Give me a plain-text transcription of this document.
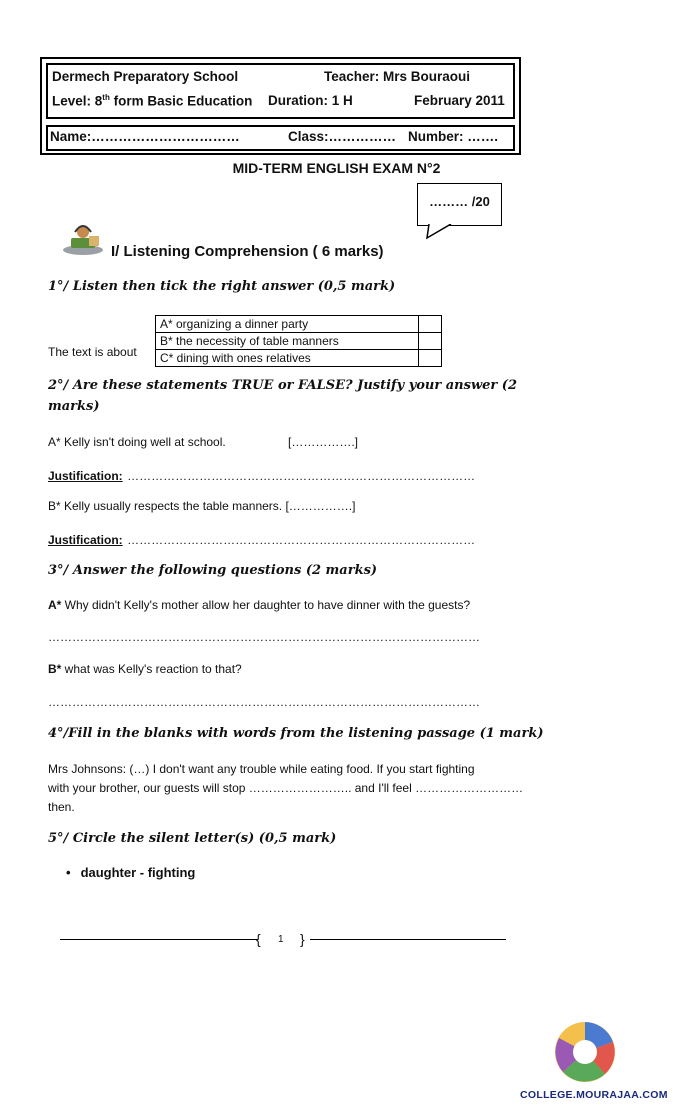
Dermech Preparatory School	Teacher: Mrs Bouraoui
Level: 8th form Basic Education Duration: 1 H	February 2011
Name:……………………………	Class:…………… Number: …….
MID-TERM ENGLISH EXAM N°2
……… /20
I/ Listening Comprehension ( 6 marks)
1°/ Listen then tick the right answer (0,5 mark)
The text is about
A* organizing a dinner party	
B* the necessity of table manners	
C* dining with ones relatives	
2°/ Are these statements TRUE or FALSE? Justify your answer (2
marks)
A* Kelly isn't doing well at school.	[…………….]
Justification: ……………………………………………………………………………
B* Kelly usually respects the table manners. […………….]
Justification: ……………………………………………………………………………
3°/ Answer the following questions (2 marks)
A* Why didn't Kelly's mother allow her daughter to have dinner with the guests?
………………………………………………………………………………………………
B* what was Kelly's reaction to that?
………………………………………………………………………………………………
4°/Fill in the blanks with words from the listening passage (1 mark)
Mrs Johnsons: (…) I don't want any trouble while eating food. If you start fighting
with your brother, our guests will stop …………………….. and I'll feel ………………………
then.
5°/ Circle the silent letter(s) (0,5 mark)
• daughter - fighting
{ 1 }
COLLEGE.MOURAJAA.COM
